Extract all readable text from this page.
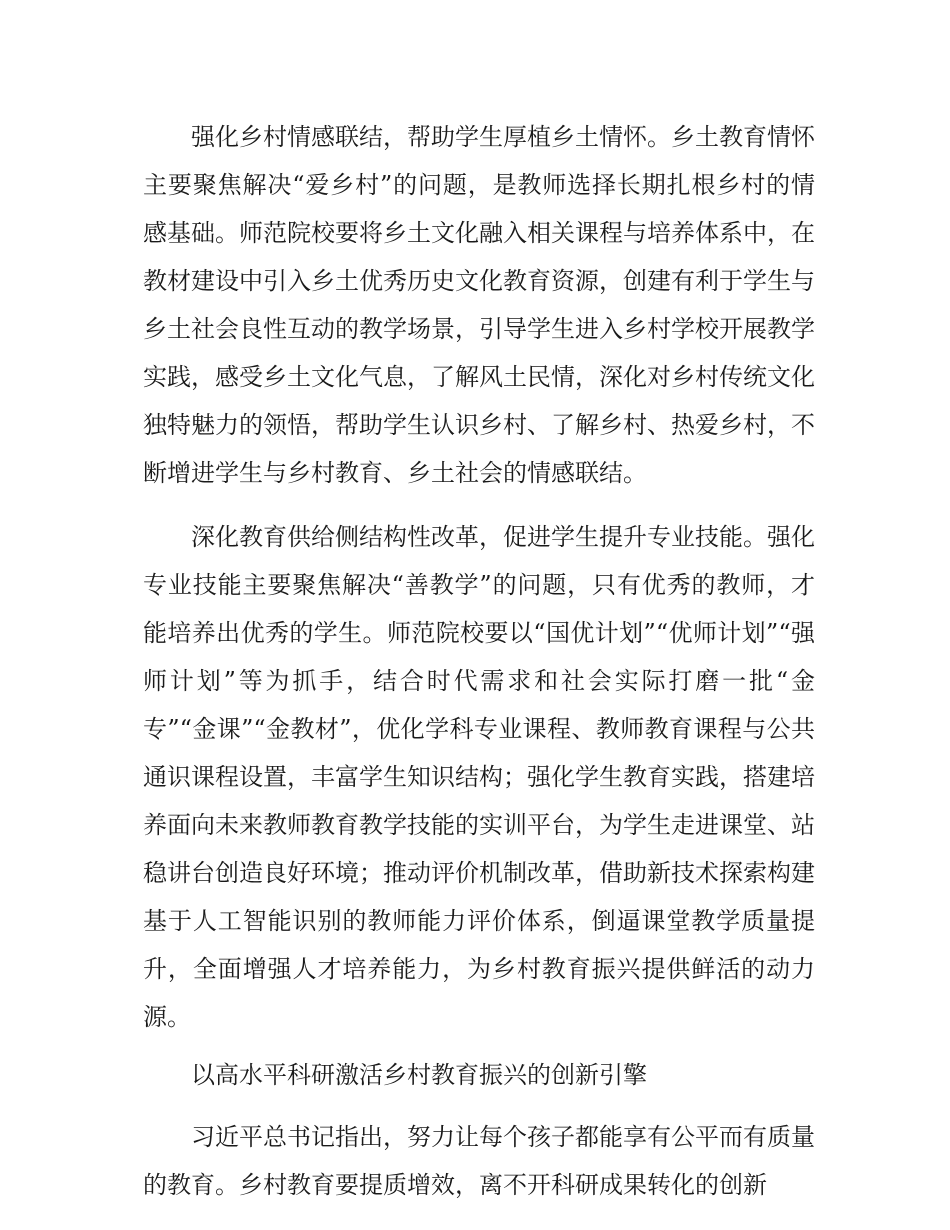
强化乡村情感联结，帮助学生厚植乡土情怀。乡土教育情怀主要聚焦解决“爱乡村”的问题，是教师选择长期扎根乡村的情感基础。师范院校要将乡土文化融入相关课程与培养体系中，在教材建设中引入乡土优秀历史文化教育资源，创建有利于学生与乡土社会良性互动的教学场景，引导学生进入乡村学校开展教学实践，感受乡土文化气息，了解风土民情，深化对乡村传统文化独特魅力的领悟，帮助学生认识乡村、了解乡村、热爱乡村，不断增进学生与乡村教育、乡土社会的情感联结。

深化教育供给侧结构性改革，促进学生提升专业技能。强化专业技能主要聚焦解决“善教学”的问题，只有优秀的教师，才能培养出优秀的学生。师范院校要以“国优计划”“优师计划”“强师计划”等为抓手，结合时代需求和社会实际打磨一批“金专”“金课”“金教材”，优化学科专业课程、教师教育课程与公共通识课程设置，丰富学生知识结构；强化学生教育实践，搭建培养面向未来教师教育教学技能的实训平台，为学生走进课堂、站稳讲台创造良好环境；推动评价机制改革，借助新技术探索构建基于人工智能识别的教师能力评价体系，倒逼课堂教学质量提升，全面增强人才培养能力，为乡村教育振兴提供鲜活的动力源。

以高水平科研激活乡村教育振兴的创新引擎

习近平总书记指出，努力让每个孩子都能享有公平而有质量的教育。乡村教育要提质增效，离不开科研成果转化的创新
